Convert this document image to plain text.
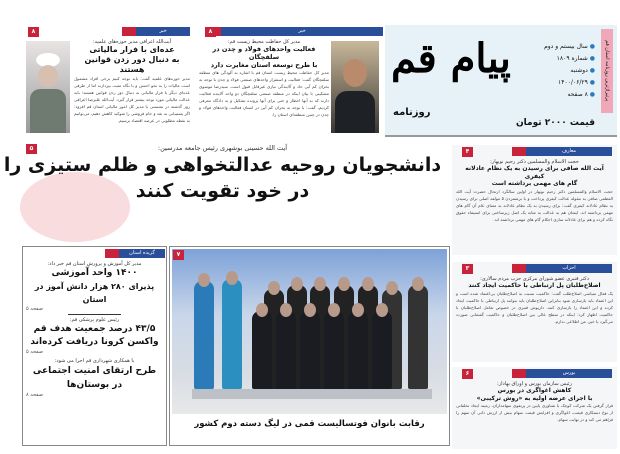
پرتیراژترین روزنامه استان قم
پیام قم
روزنامه
● سال بیستم و دوم
● شماره ۱۸۰۹
● دوشنبه
● ۱۴۰۰/۰۶/۲۹
● ۸ صفحه
قیمت ۲۰۰۰ تومان
خبر
۸
مدیر کل حفاظت محیط زیست قم:
فعالیت واحدهای فولاد و چدن در سلفچگان
با طرح توسعه استان مغایرت دارد
مدیر کل حفاظت محیط زیست استان قم با اشاره به آلودگی های منطقه سلفچگان گفت: فعالیت و استقرار واحدهای صنعتی فولاد و چدن با توجه به بحران کم آبی حاد و آلایندگی نیازی غیرقابل قبول است. سیدرضا موسوی مشکینی با بیان اینکه در منطقه صنعتی سلفچگان دو واحد آلاینده فعالیت دارند که به آنها اخطار و حتی برای آنها پرونده تشکیل و به دادگاه معرفی کردیم، گفت: با توجه به بحران کم آبی در استان فعالیت واحدهای فولاد و چدن در چنین منطقه‌ای استان را.
خبر
۸
آیت‌الله اعرافی مدیر حوزه‌های علمیه:
عده‌ای با فرار مالیاتی
به دنبال دور زدن قوانین هستند
مدیر حوزه‌های علمیه گفت: باید توجه کنیم برخی افراد مشمول است مالیات را به نحو احسن و با نگاه مثبت بپردازند اما از طرفی عده‌ای دیگر با فرار مالیاتی به دنبال دور زدن قوانین هستند؛ باید عدالت مالیاتی مورد توجه بیشتر قرار گیرد. آیت‌الله علیرضا اعرافی روز گذشته در نشستی با مدیر کل امور مالیاتی استان قم افزود: اگر پشتیبانی به نقد و خام فروشی را شوکید کاهش دهیم، می‌توانیم به نقطه مطلوبی در عرصه اقتصاد برسیم.
۵	آیت الله حسینی بوشهری رئیس جامعه مدرسین:
دانشجویان روحیه عدالتخواهی و ظلم ستیزی را
در خود تقویت کنند
معارف
۴
حجت الاسلام والمسلمین دکتر رحیم نوبهار:
آیت الله صافی برای رسیدن به یک نظام عادلانه کیفری
گام های مهمی برداشته است
حجت الاسلام والمسلمین دکتر رحیم نوبهار در اولین سالگرد ارتحال حضرت آیت الله العظمی صافی به مقوله عدالت کیفری پرداخت و با برشمردن ۵ مولفه اصلی برای رسیدن به نظام عادلانه کیفری گفت: برای رسیدن به یک نظام عادلانه به معنای عام آن گام های مهمی برداشته اند. ایشان هم به عدالت به مثابه یک اصل زیرساختی برای استیفاء حقوق نگاه کرده و هم برای عادلانه سازی احکام گام های مهمی برداشته اند.
احزاب
۳
دکتر قنبری عضو شورای مرکزی حزب مردم سالاری:
اصلاح‌طلبان پل ارتباطی با حاکمیت ایجاد کنند
یک فعال سیاسی اصلاح‌طلب گفت: حاکمیت نسبت به اصلاح‌طلبان بی‌اعتماد شده است و این اعتماد باید بازسازی شود بنابراین اصلاح‌طلبان باید بتوانند پل ارتباطی با حاکمیت ایجاد کرده و این اعتماد را بازسازی کنند. داریوش قنبری در خصوص تعامل اصلاح‌طلبان با حاکمیت اظهار کرد: اینکه در سطح عالی بین اصلاح‌طلبان و حاکمیت گفتمانی صورت می‌گیرد یا خیر، من اطلاعی ندارم.
بورس
۶
رئیس سازمان بورس و اوراق بهادار:
کاهش اغواگری در بورس
با اجرای عرضه اولیه به «روش ترکیبی»
فراز گرفتن یک شرکت کوچک با شناوری پایین در پرتفوی سهامداران، زمینه ایجاد تخلفاتی از نوع دستکاری قیمت، اغواگری و افزایش قیمت سهام بیش از ارزش ذاتی آن سهم را فراهم می کند و در نهایت سهام.
گزیده استان
مدیر کل آموزش و پرورش استان قم خبر داد:
۱۴۰۰ واحد آموزشی
پذیرای ۲۸۰ هزار دانش آموز در استان
صفحه ۵
رئیس علوم پزشکی قم:
۴۳/۵ درصد جمعیت هدف قم
واکسن کرونا دریافت کرده‌اند
صفحه ۵
با همکاری شهرداری قم اجرا می شود:
طرح ارتقای امنیت اجتماعی
در بوستان‌ها
صفحه ۸
۷
رقابت بانوان فوتسالیست قمی در لیگ دسته دوم کشور
